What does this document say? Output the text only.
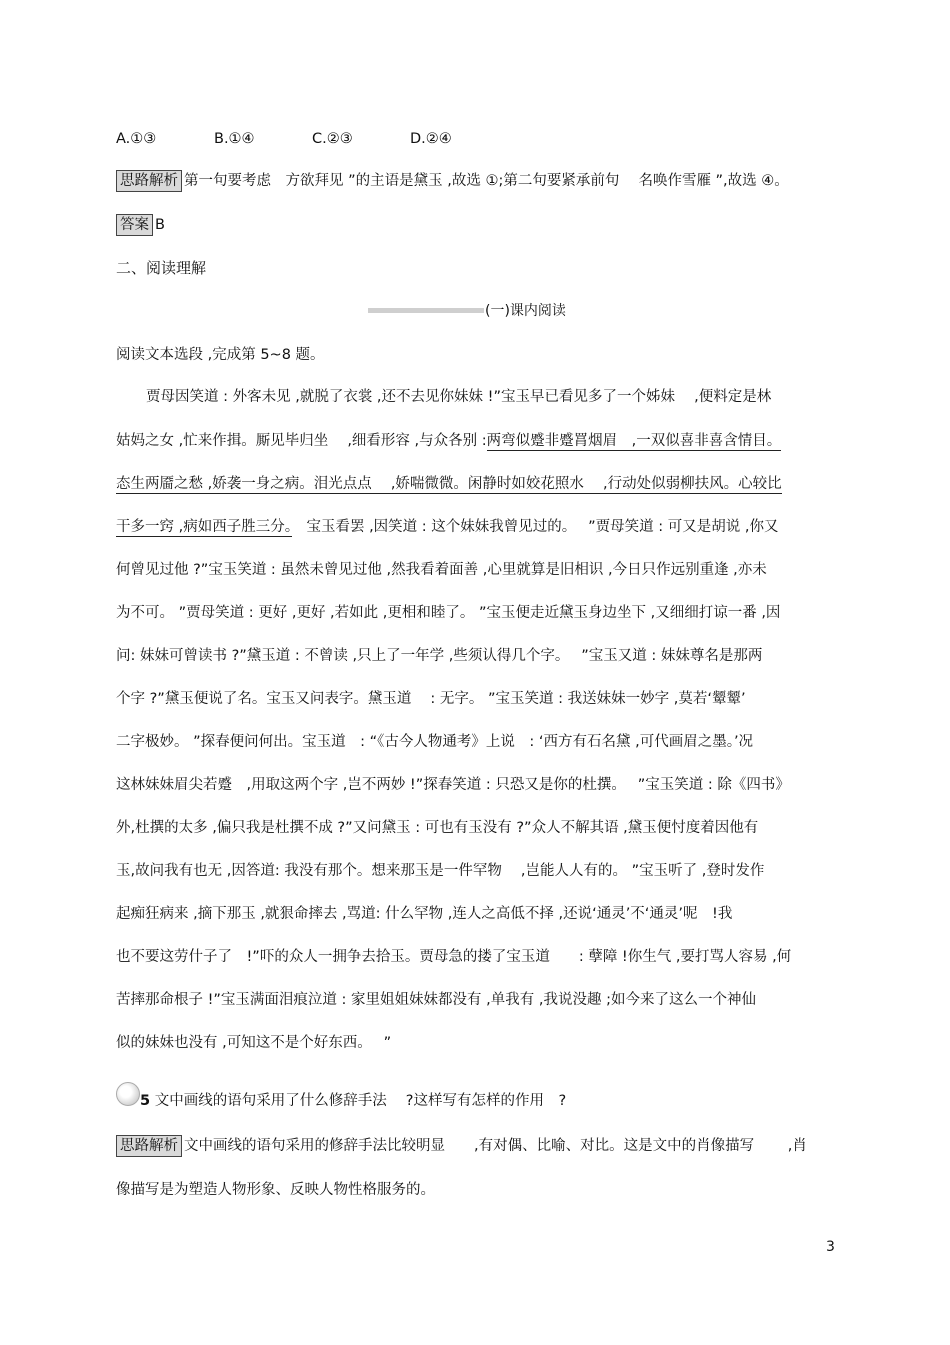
A.①③	B.①④	C.②③	D.②④
思路解析 第一句要考虑　方欲拜见 ”的主语是黛玉 ,故选 ①;第二句要紧承前句　 名唤作雪雁 ”,故选 ④。
答案 B
二、阅读理解
(一)课内阅读
阅读文本选段 ,完成第 5~8 题。
贾母因笑道 : 外客未见 ,就脱了衣裳 ,还不去见你妹妹 !”宝玉早已看见多了一个姊妹　 ,便料定是林
姑妈之女 ,忙来作揖。厮见毕归坐　 ,细看形容 ,与众各别 :两弯似蹙非蹙罥烟眉　,一双似喜非喜含情目。
态生两靥之愁 ,娇袭一身之病。泪光点点　 ,娇喘微微。闲静时如姣花照水　 ,行动处似弱柳扶风。心较比
干多一窍 ,病如西子胜三分。　宝玉看罢 ,因笑道 : 这个妹妹我曾见过的。　 ”贾母笑道 : 可又是胡说 ,你又
何曾见过他 ?”宝玉笑道 : 虽然未曾见过他 ,然我看着面善 ,心里就算是旧相识 ,今日只作远别重逢 ,亦未
为不可。 ”贾母笑道 : 更好 ,更好 ,若如此 ,更相和睦了。 ”宝玉便走近黛玉身边坐下 ,又细细打谅一番 ,因
问: 妹妹可曾读书 ?”黛玉道 : 不曾读 ,只上了一年学 ,些须认得几个字。　 ”宝玉又道 : 妹妹尊名是那两
个字 ?”黛玉便说了名。宝玉又问表字。黛玉道　 : 无字。 ”宝玉笑道 : 我送妹妹一妙字 ,莫若‘颦颦’
二字极妙。 ”探春便问何出。宝玉道　: “《古今人物通考》上说　: ‘西方有石名黛 ,可代画眉之墨。’况
这林妹妹眉尖若蹙　,用取这两个字 ,岂不两妙 !”探春笑道 : 只恐又是你的杜撰。　 ”宝玉笑道 : 除《四书》
外,杜撰的太多 ,偏只我是杜撰不成 ?”又问黛玉 : 可也有玉没有 ?”众人不解其语 ,黛玉便忖度着因他有
玉,故问我有也无 ,因答道: 我没有那个。想来那玉是一件罕物　 ,岂能人人有的。 ”宝玉听了 ,登时发作
起痴狂病来 ,摘下那玉 ,就狠命摔去 ,骂道: 什么罕物 ,连人之高低不择 ,还说‘通灵’不‘通灵’呢　!我
也不要这劳什子了　!”吓的众人一拥争去拾玉。贾母急的搂了宝玉道　　: 孽障 !你生气 ,要打骂人容易 ,何
苦摔那命根子 !”宝玉满面泪痕泣道 : 家里姐姐妹妹都没有 ,单我有 ,我说没趣 ;如今来了这么一个神仙
似的妹妹也没有 ,可知这不是个好东西。　 ”
5 文中画线的语句采用了什么修辞手法　 ?这样写有怎样的作用　?
思路解析 文中画线的语句采用的修辞手法比较明显　　,有对偶、比喻、对比。这是文中的肖像描写　　 ,肖
像描写是为塑造人物形象、反映人物性格服务的。
3
